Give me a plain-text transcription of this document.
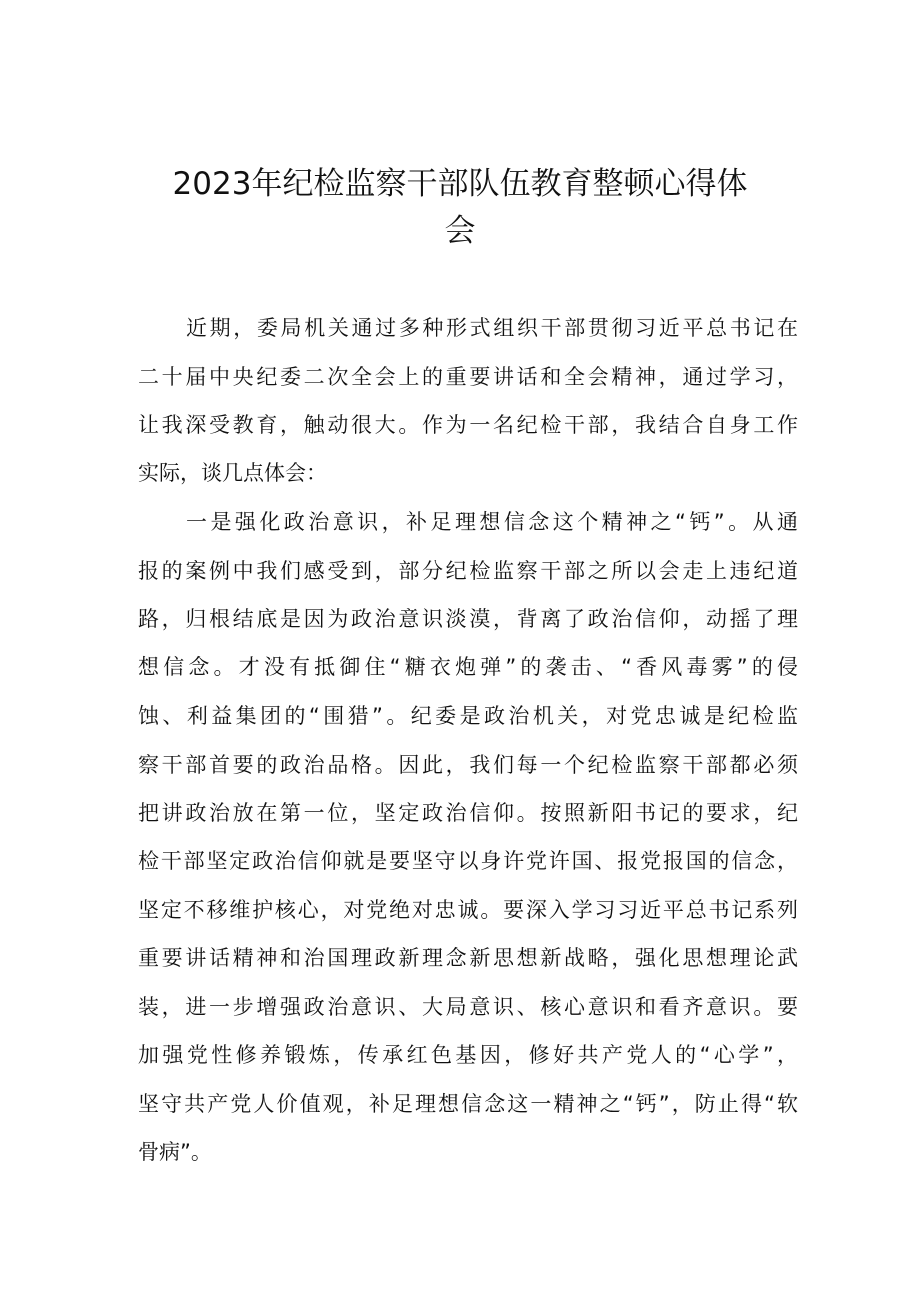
2023年纪检监察干部队伍教育整顿心得体
会
近期，委局机关通过多种形式组织干部贯彻习近平总书记在
二十届中央纪委二次全会上的重要讲话和全会精神，通过学习，
让我深受教育，触动很大。作为一名纪检干部，我结合自身工作
实际，谈几点体会：
一是强化政治意识，补足理想信念这个精神之“钙”。从通
报的案例中我们感受到，部分纪检监察干部之所以会走上违纪道
路，归根结底是因为政治意识淡漠，背离了政治信仰，动摇了理
想信念。才没有抵御住“糖衣炮弹”的袭击、“香风毒雾”的侵
蚀、利益集团的“围猎”。纪委是政治机关，对党忠诚是纪检监
察干部首要的政治品格。因此，我们每一个纪检监察干部都必须
把讲政治放在第一位，坚定政治信仰。按照新阳书记的要求，纪
检干部坚定政治信仰就是要坚守以身许党许国、报党报国的信念，
坚定不移维护核心，对党绝对忠诚。要深入学习习近平总书记系列
重要讲话精神和治国理政新理念新思想新战略，强化思想理论武
装，进一步增强政治意识、大局意识、核心意识和看齐意识。要
加强党性修养锻炼，传承红色基因，修好共产党人的“心学”，
坚守共产党人价值观，补足理想信念这一精神之“钙”，防止得“软
骨病”。
